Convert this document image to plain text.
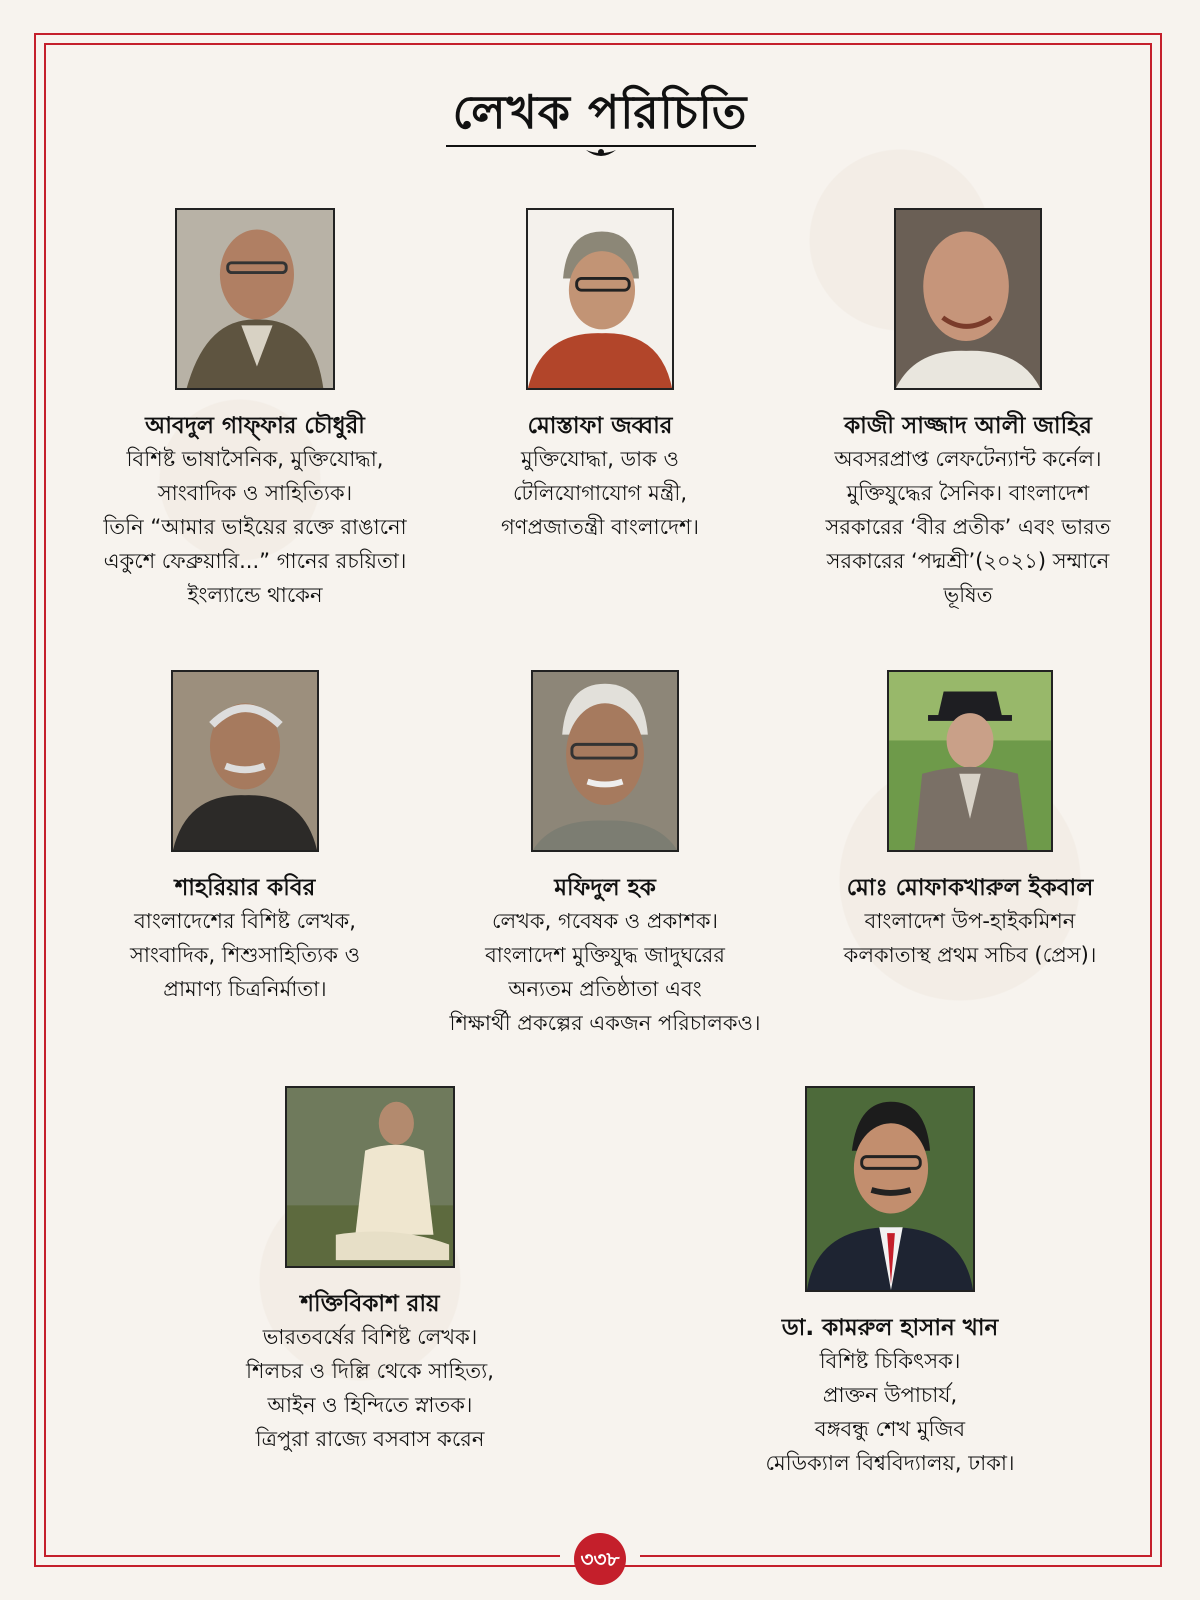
লেখক পরিচিতি
আবদুল গাফ্ফার চৌধুরী
বিশিষ্ট ভাষাসৈনিক, মুক্তিযোদ্ধা,
সাংবাদিক ও সাহিত্যিক।
তিনি “আমার ভাইয়ের রক্তে রাঙানো
একুশে ফেব্রুয়ারি...” গানের রচয়িতা।
ইংল্যান্ডে থাকেন
মোস্তাফা জব্বার
মুক্তিযোদ্ধা, ডাক ও
টেলিযোগাযোগ মন্ত্রী,
গণপ্রজাতন্ত্রী বাংলাদেশ।
কাজী সাজ্জাদ আলী জাহির
অবসরপ্রাপ্ত লেফটেন্যান্ট কর্নেল।
মুক্তিযুদ্ধের সৈনিক। বাংলাদেশ
সরকারের ‘বীর প্রতীক’ এবং ভারত
সরকারের ‘পদ্মশ্রী’(২০২১) সম্মানে
ভূষিত
শাহরিয়ার কবির
বাংলাদেশের বিশিষ্ট লেখক,
সাংবাদিক, শিশুসাহিত্যিক ও
প্রামাণ্য চিত্রনির্মাতা।
মফিদুল হক
লেখক, গবেষক ও প্রকাশক।
বাংলাদেশ মুক্তিযুদ্ধ জাদুঘরের
অন্যতম প্রতিষ্ঠাতা এবং
শিক্ষার্থী প্রকল্পের একজন পরিচালকও।
মোঃ মোফাকখারুল ইকবাল
বাংলাদেশ উপ-হাইকমিশন
কলকাতাস্থ প্রথম সচিব (প্রেস)।
শক্তিবিকাশ রায়
ভারতবর্ষের বিশিষ্ট লেখক।
শিলচর ও দিল্লি থেকে সাহিত্য,
আইন ও হিন্দিতে স্নাতক।
ত্রিপুরা রাজ্যে বসবাস করেন
ডা. কামরুল হাসান খান
বিশিষ্ট চিকিৎসক।
প্রাক্তন উপাচার্য,
বঙ্গবন্ধু শেখ মুজিব
মেডিক্যাল বিশ্ববিদ্যালয়, ঢাকা।
৩৩৮
